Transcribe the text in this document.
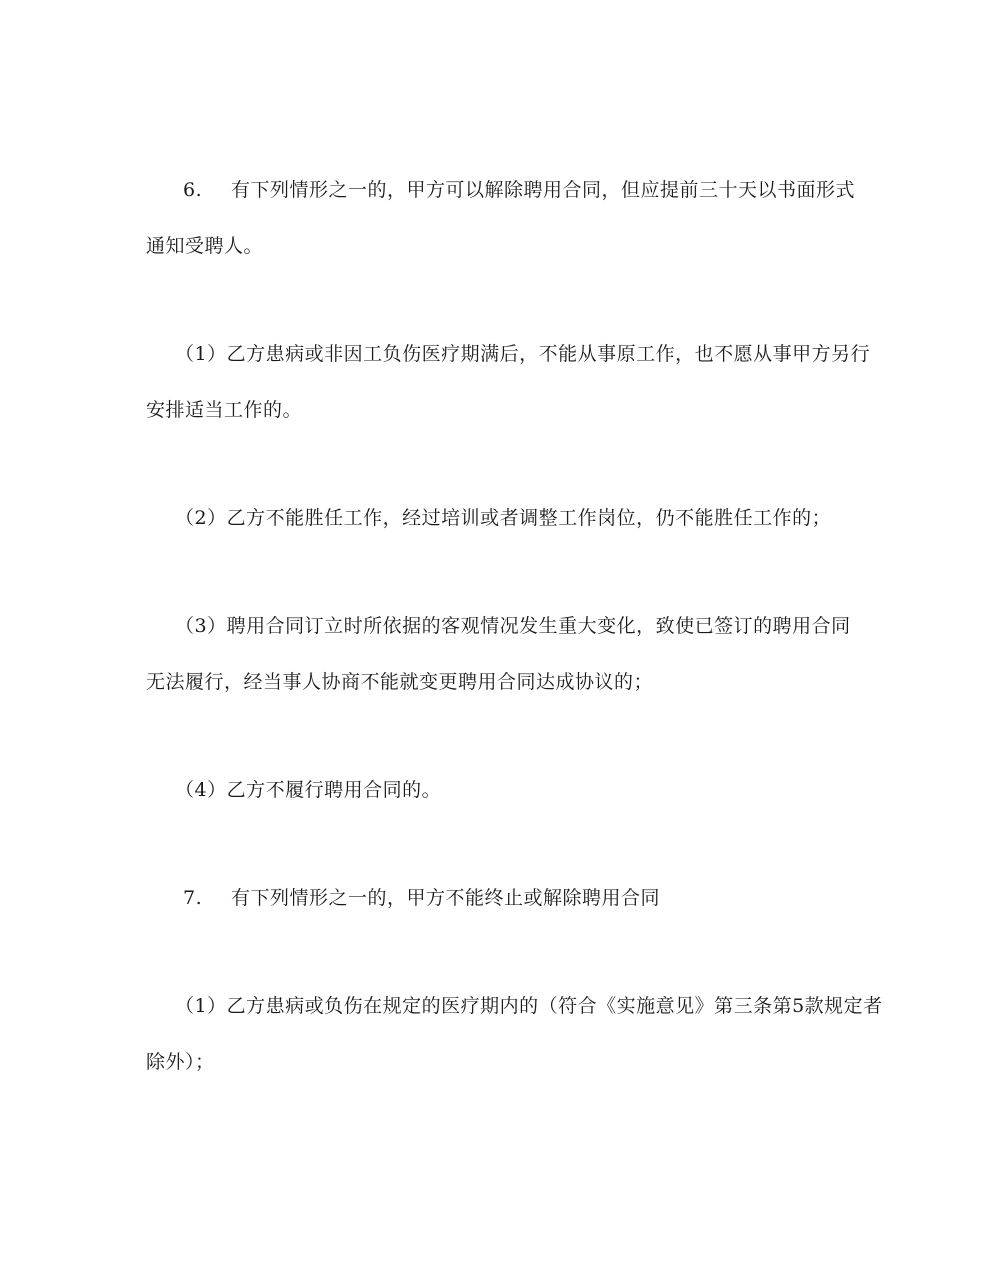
6. 有下列情形之一的，甲方可以解除聘用合同，但应提前三十天以书面形式
通知受聘人。
（1）乙方患病或非因工负伤医疗期满后，不能从事原工作，也不愿从事甲方另行
安排适当工作的。
（2）乙方不能胜任工作，经过培训或者调整工作岗位，仍不能胜任工作的；
（3）聘用合同订立时所依据的客观情况发生重大变化，致使已签订的聘用合同
无法履行，经当事人协商不能就变更聘用合同达成协议的；
（4）乙方不履行聘用合同的。
7. 有下列情形之一的，甲方不能终止或解除聘用合同
（1）乙方患病或负伤在规定的医疗期内的（符合《实施意见》第三条第5款规定者
除外）；
